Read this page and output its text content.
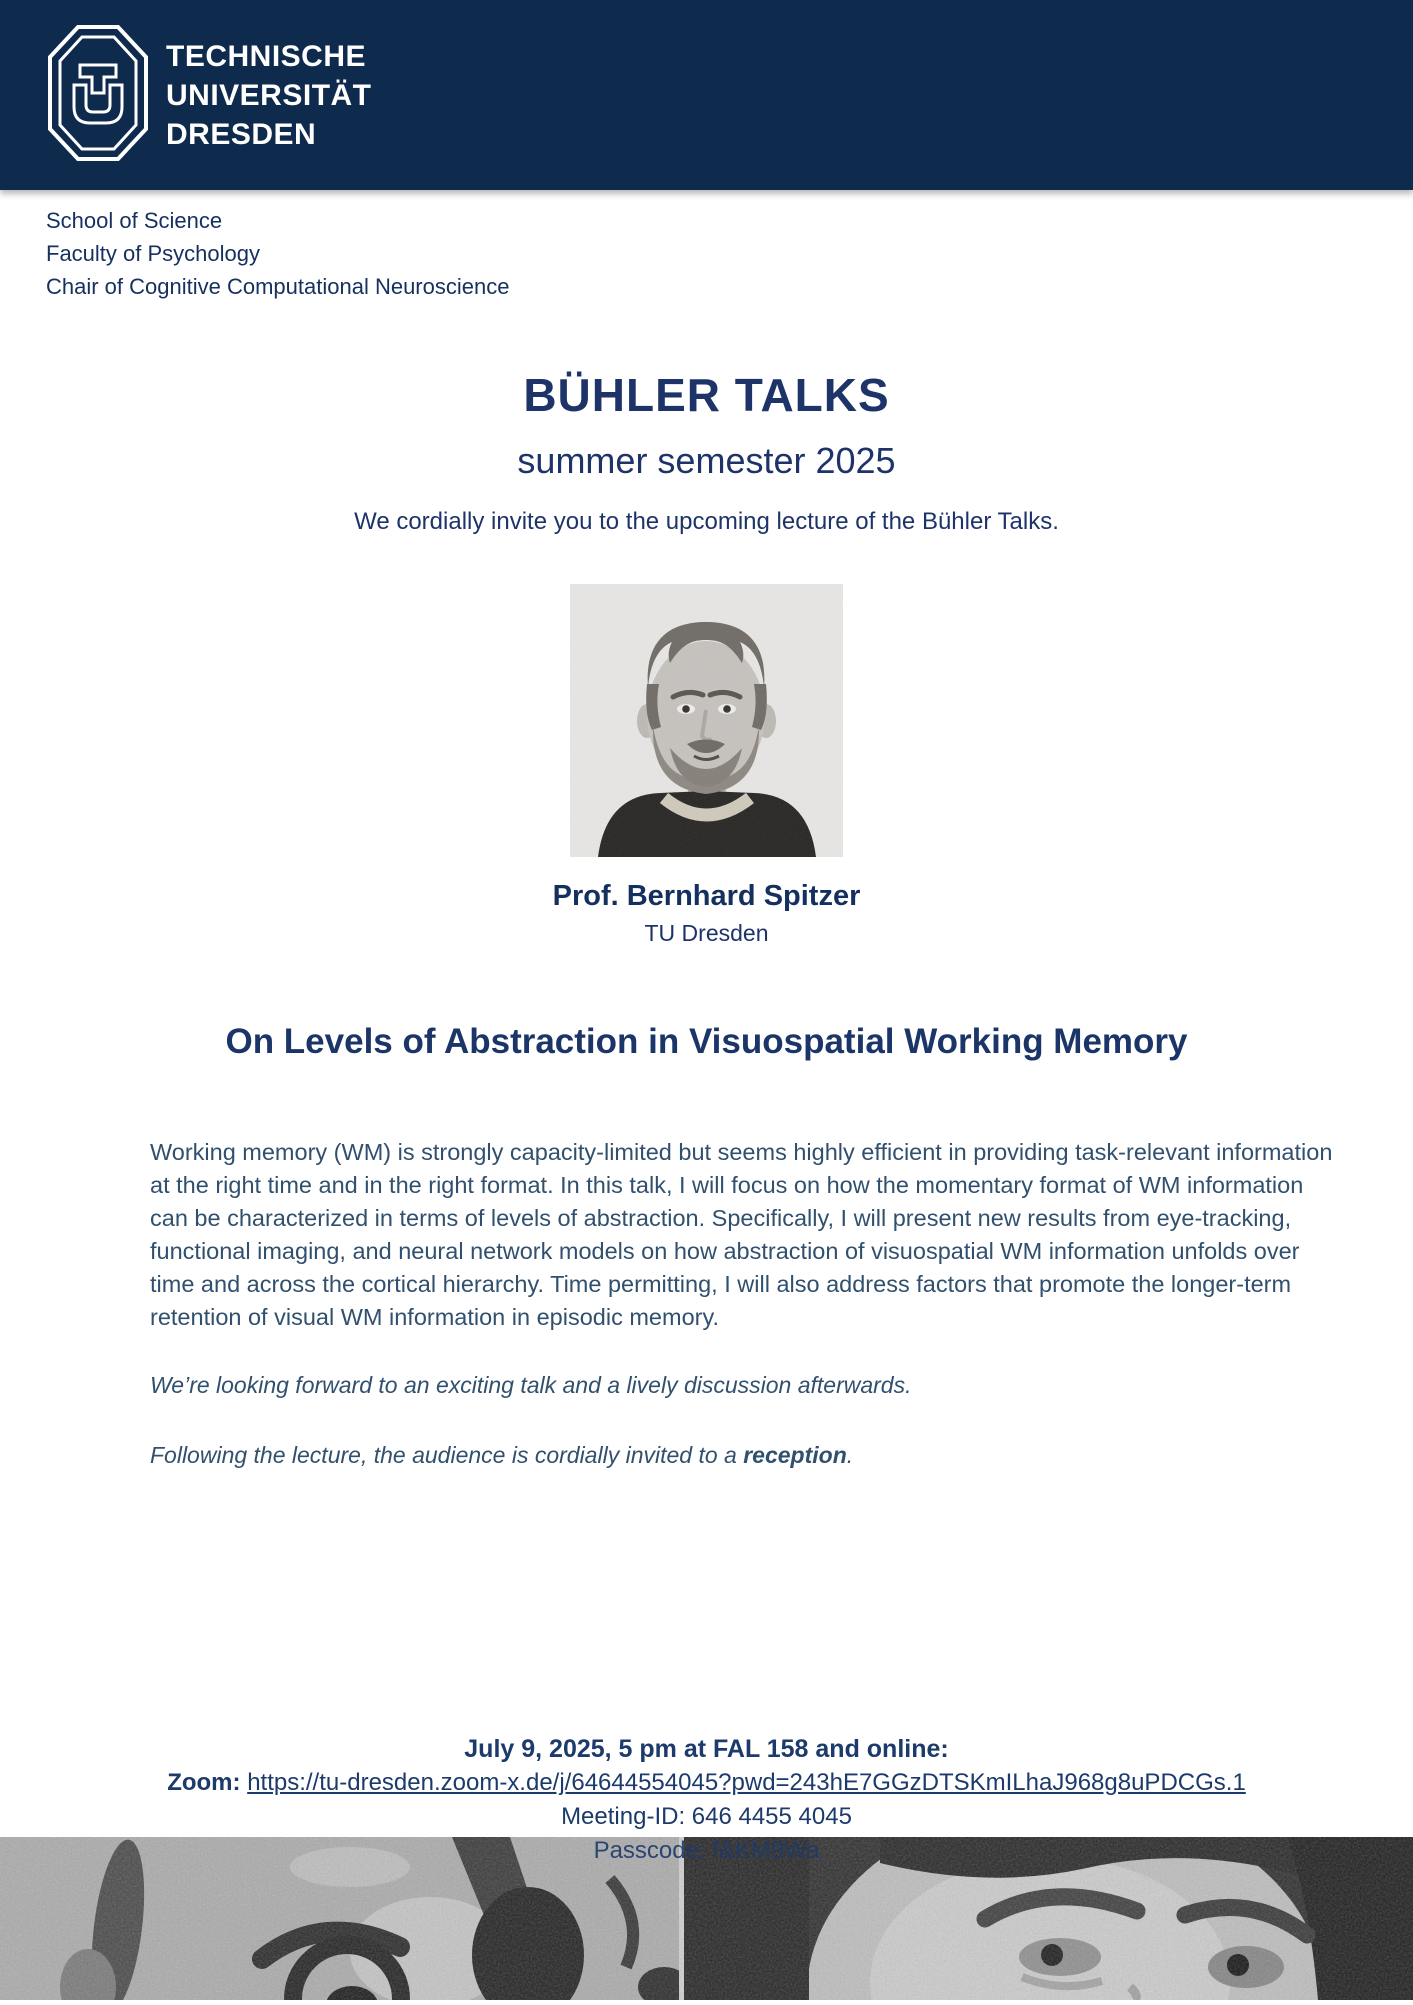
TECHNISCHE
UNIVERSITÄT
DRESDEN
School of Science
Faculty of Psychology
Chair of Cognitive Computational Neuroscience
BÜHLER TALKS
summer semester 2025
We cordially invite you to the upcoming lecture of the Bühler Talks.
Prof. Bernhard Spitzer
TU Dresden
On Levels of Abstraction in Visuospatial Working Memory
Working memory (WM) is strongly capacity-limited but seems highly efficient in providing task-relevant information at the right time and in the right format. In this talk, I will focus on how the momentary format of WM information can be characterized in terms of levels of abstraction. Specifically, I will present new results from eye-tracking, functional imaging, and neural network models on how abstraction of visuospatial WM information unfolds over time and across the cortical hierarchy. Time permitting, I will also address factors that promote the longer-term retention of visual WM information in episodic memory.
We’re looking forward to an exciting talk and a lively discussion afterwards.
Following the lecture, the audience is cordially invited to a reception.
July 9, 2025, 5 pm at FAL 158 and online:
Zoom: https://tu-dresden.zoom-x.de/j/64644554045?pwd=243hE7GGzDTSKmILhaJ968g8uPDCGs.1
Meeting-ID: 646 4455 4045
Passcode: f&KM9Wa
